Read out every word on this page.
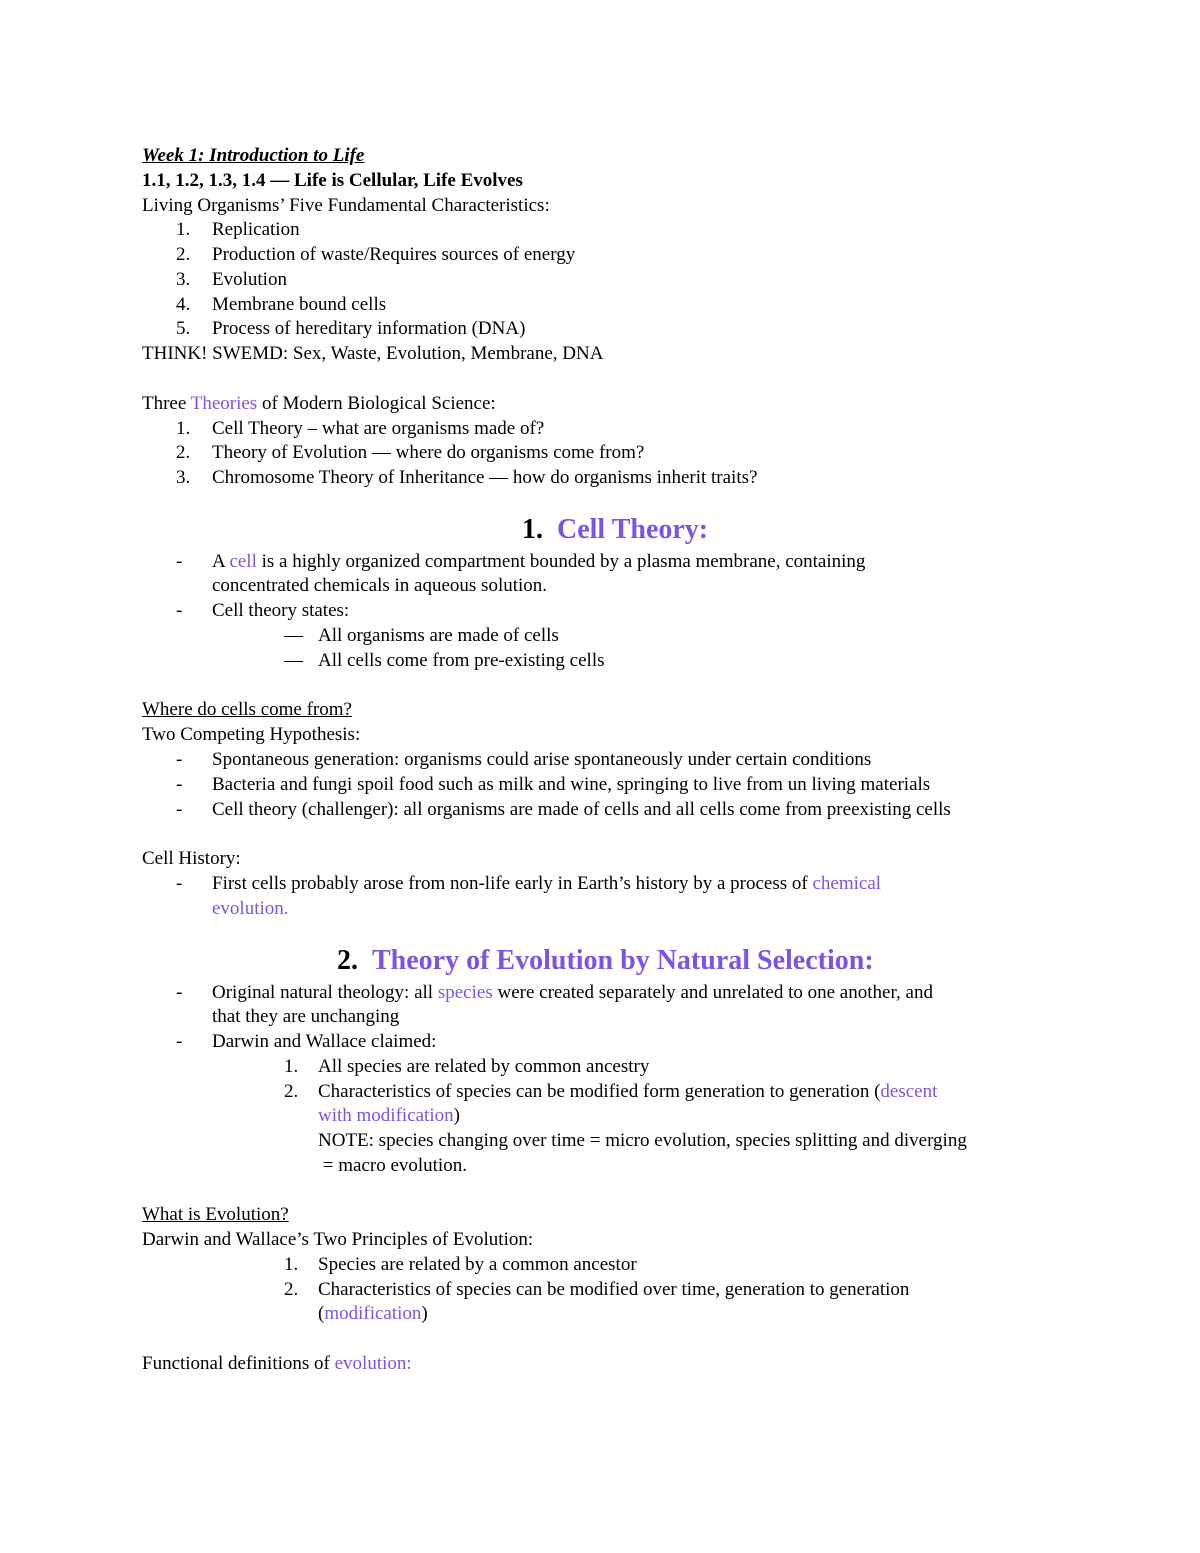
Week 1: Introduction to Life
1.1, 1.2, 1.3, 1.4 — Life is Cellular, Life Evolves
Living Organisms’ Five Fundamental Characteristics:
1. Replication
2. Production of waste/Requires sources of energy
3. Evolution
4. Membrane bound cells
5. Process of hereditary information (DNA)
THINK! SWEMD: Sex, Waste, Evolution, Membrane, DNA
Three Theories of Modern Biological Science:
1. Cell Theory – what are organisms made of?
2. Theory of Evolution — where do organisms come from?
3. Chromosome Theory of Inheritance — how do organisms inherit traits?
1. Cell Theory:
- A cell is a highly organized compartment bounded by a plasma membrane, containing
concentrated chemicals in aqueous solution.
- Cell theory states:
— All organisms are made of cells
— All cells come from pre-existing cells
Where do cells come from?
Two Competing Hypothesis:
- Spontaneous generation: organisms could arise spontaneously under certain conditions
- Bacteria and fungi spoil food such as milk and wine, springing to live from un living materials
- Cell theory (challenger): all organisms are made of cells and all cells come from preexisting cells
Cell History:
- First cells probably arose from non-life early in Earth’s history by a process of chemical
evolution.
2. Theory of Evolution by Natural Selection:
- Original natural theology: all species were created separately and unrelated to one another, and
that they are unchanging
- Darwin and Wallace claimed:
1. All species are related by common ancestry
2. Characteristics of species can be modified form generation to generation (descent
with modification)
NOTE: species changing over time = micro evolution, species splitting and diverging
= macro evolution.
What is Evolution?
Darwin and Wallace’s Two Principles of Evolution:
1. Species are related by a common ancestor
2. Characteristics of species can be modified over time, generation to generation
(modification)
Functional definitions of evolution:
